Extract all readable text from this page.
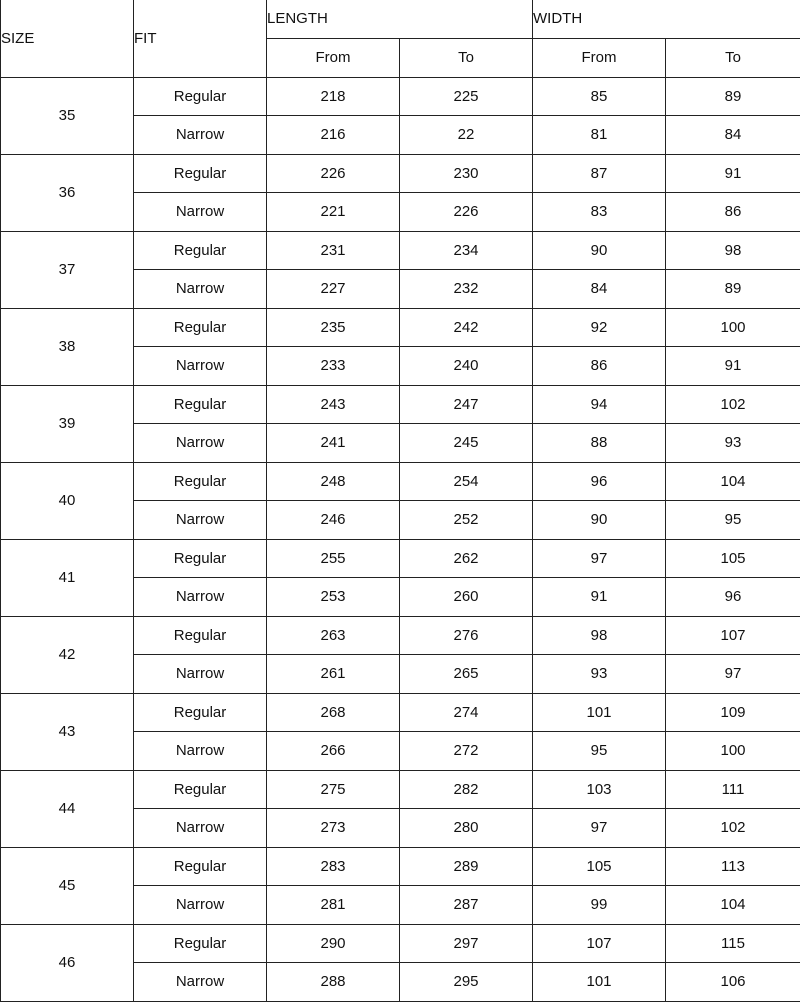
SIZE	FIT	LENGTH		WIDTH	
		From	To	From	To
35	Regular	218	225	85	89
	Narrow	216	22	81	84
36	Regular	226	230	87	91
	Narrow	221	226	83	86
37	Regular	231	234	90	98
	Narrow	227	232	84	89
38	Regular	235	242	92	100
	Narrow	233	240	86	91
39	Regular	243	247	94	102
	Narrow	241	245	88	93
40	Regular	248	254	96	104
	Narrow	246	252	90	95
41	Regular	255	262	97	105
	Narrow	253	260	91	96
42	Regular	263	276	98	107
	Narrow	261	265	93	97
43	Regular	268	274	101	109
	Narrow	266	272	95	100
44	Regular	275	282	103	111
	Narrow	273	280	97	102
45	Regular	283	289	105	113
	Narrow	281	287	99	104
46	Regular	290	297	107	115
	Narrow	288	295	101	106
